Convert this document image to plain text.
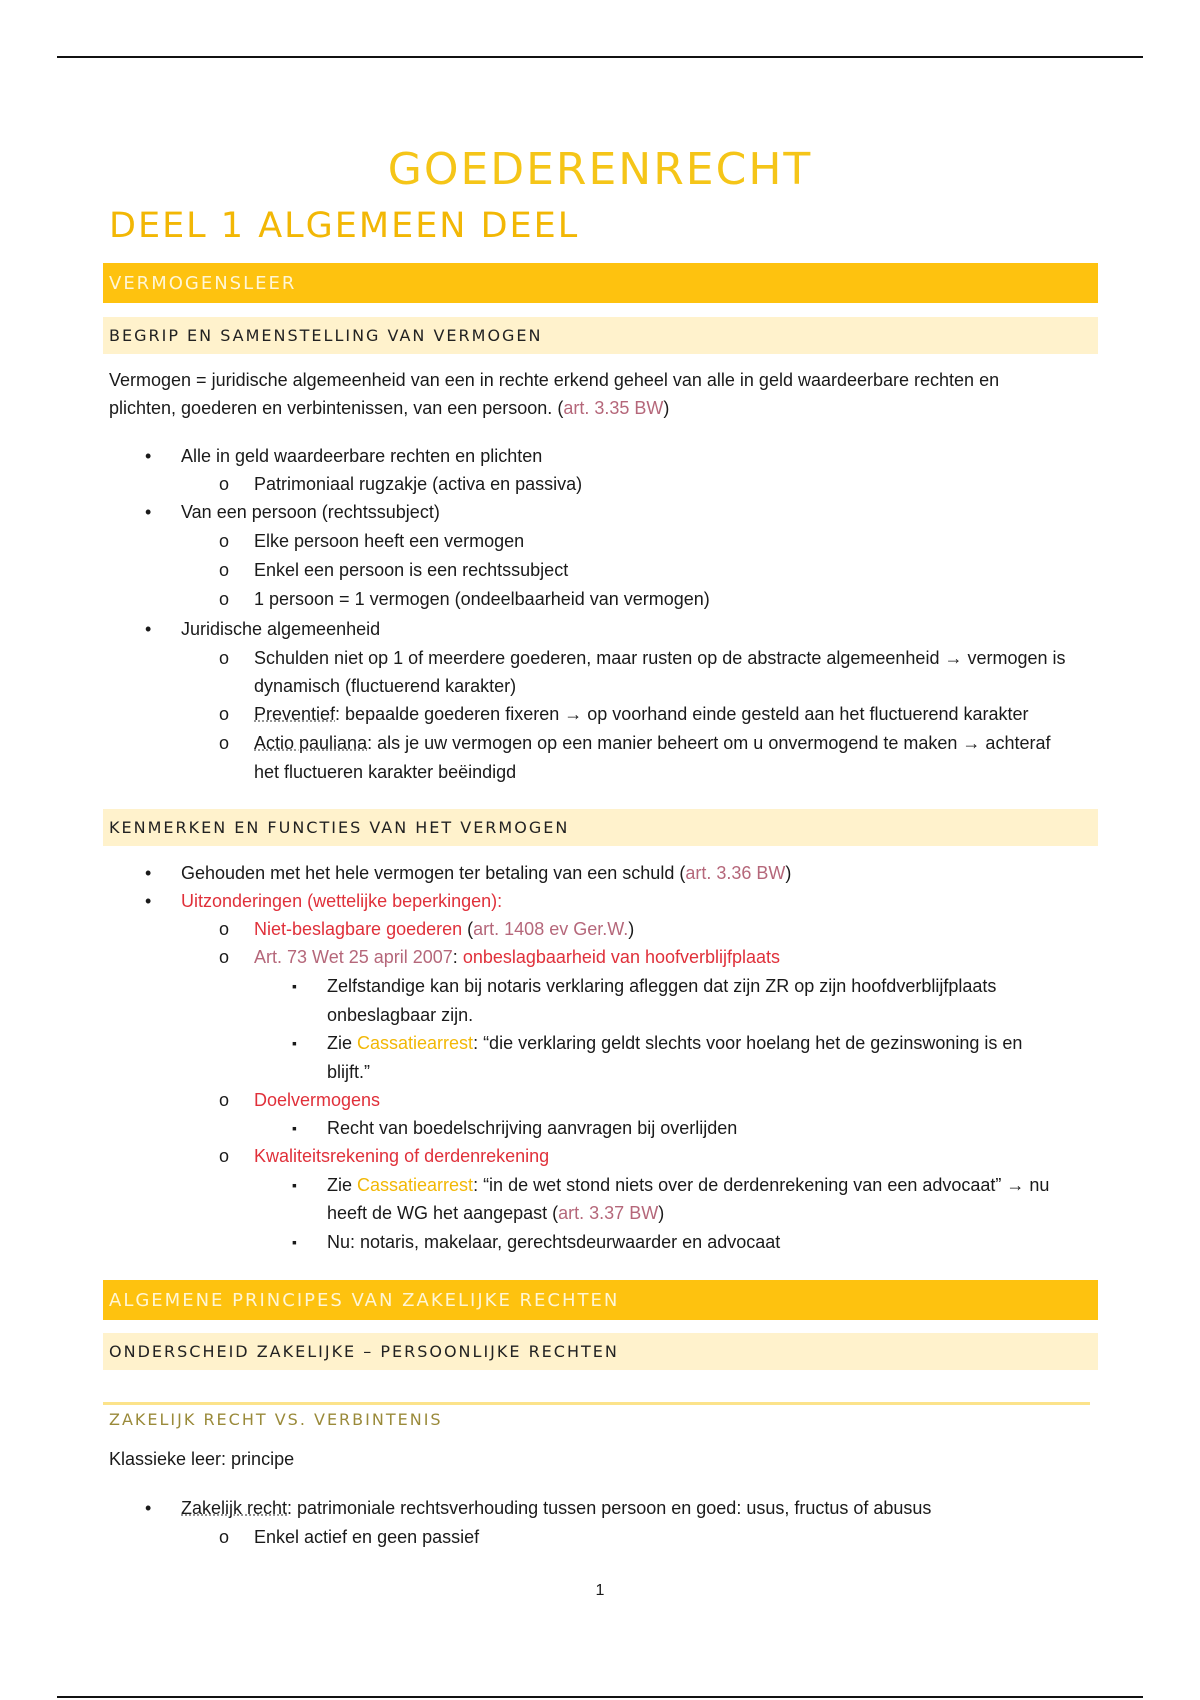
GOEDERENRECHT
DEEL 1 ALGEMEEN DEEL
VERMOGENSLEER
BEGRIP EN SAMENSTELLING VAN VERMOGEN
Vermogen = juridische algemeenheid van een in rechte erkend geheel van alle in geld waardeerbare rechten en
plichten, goederen en verbintenissen, van een persoon. (art. 3.35 BW)
• Alle in geld waardeerbare rechten en plichten
o Patrimoniaal rugzakje (activa en passiva)
• Van een persoon (rechtssubject)
o Elke persoon heeft een vermogen
o Enkel een persoon is een rechtssubject
o 1 persoon = 1 vermogen (ondeelbaarheid van vermogen)
• Juridische algemeenheid
o Schulden niet op 1 of meerdere goederen, maar rusten op de abstracte algemeenheid → vermogen is
dynamisch (fluctuerend karakter)
o Preventief: bepaalde goederen fixeren → op voorhand einde gesteld aan het fluctuerend karakter
o Actio pauliana: als je uw vermogen op een manier beheert om u onvermogend te maken → achteraf
het fluctueren karakter beëindigd
KENMERKEN EN FUNCTIES VAN HET VERMOGEN
• Gehouden met het hele vermogen ter betaling van een schuld (art. 3.36 BW)
• Uitzonderingen (wettelijke beperkingen):
o Niet-beslagbare goederen (art. 1408 ev Ger.W.)
o Art. 73 Wet 25 april 2007: onbeslagbaarheid van hoofverblijfplaats
▪ Zelfstandige kan bij notaris verklaring afleggen dat zijn ZR op zijn hoofdverblijfplaats
onbeslagbaar zijn.
▪ Zie Cassatiearrest: “die verklaring geldt slechts voor hoelang het de gezinswoning is en
blijft.”
o Doelvermogens
▪ Recht van boedelschrijving aanvragen bij overlijden
o Kwaliteitsrekening of derdenrekening
▪ Zie Cassatiearrest: “in de wet stond niets over de derdenrekening van een advocaat” → nu
heeft de WG het aangepast (art. 3.37 BW)
▪ Nu: notaris, makelaar, gerechtsdeurwaarder en advocaat
ALGEMENE PRINCIPES VAN ZAKELIJKE RECHTEN
ONDERSCHEID ZAKELIJKE – PERSOONLIJKE RECHTEN
ZAKELIJK RECHT VS. VERBINTENIS
Klassieke leer: principe
• Zakelijk recht: patrimoniale rechtsverhouding tussen persoon en goed: usus, fructus of abusus
o Enkel actief en geen passief
1
